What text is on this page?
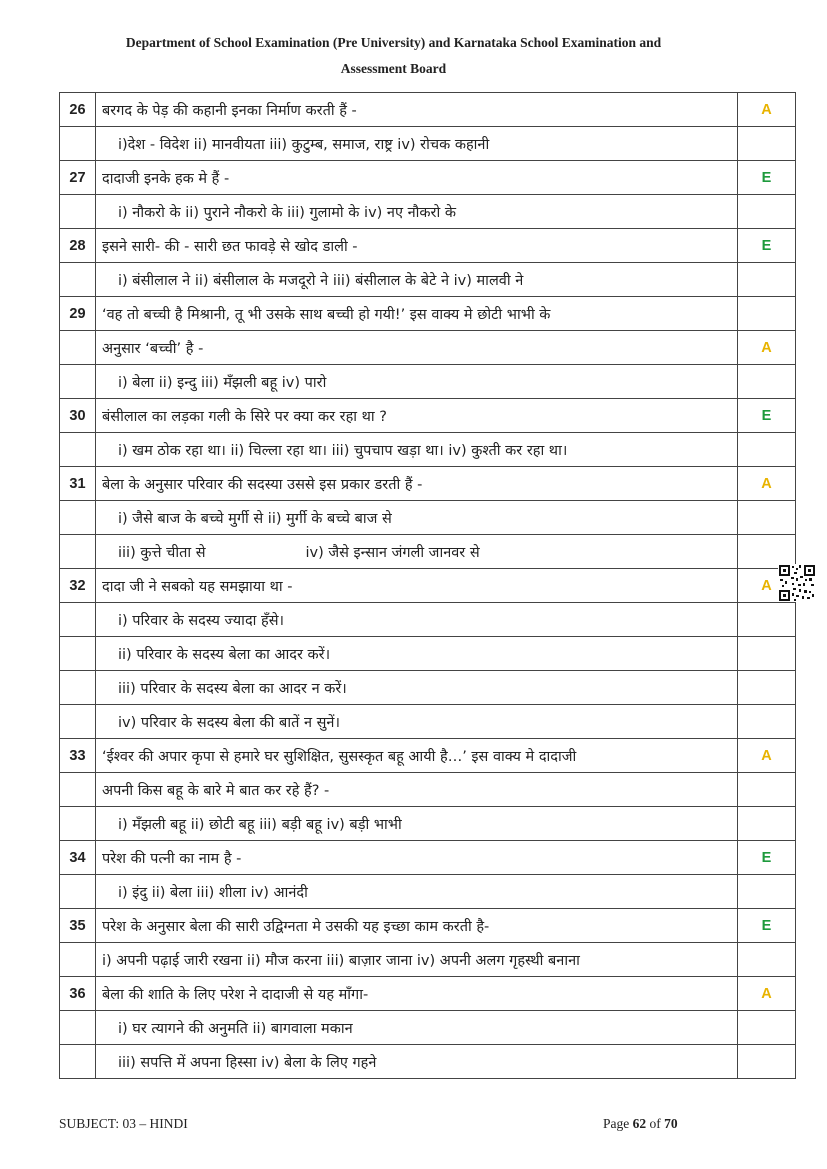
Department of School Examination (Pre University) and Karnataka School Examination and
Assessment Board
26	बरगद के पेड़ की कहानी इनका निर्माण करती हैं -	A
	i)देश - विदेश ii) मानवीयता iii) कुटुम्ब, समाज, राष्ट्र iv) रोचक कहानी	
27	दादाजी इनके हक मे हैं -	E
	i) नौकरो के ii) पुराने नौकरो के iii) गुलामो के iv) नए नौकरो के	
28	इसने सारी- की - सारी छत फावड़े से खोद डाली -	E
	i) बंसीलाल ने ii) बंसीलाल के मजदूरो ने iii) बंसीलाल के बेटे ने iv) मालवी ने	
29	‘वह तो बच्ची है मिश्रानी, तू भी उसके साथ बच्ची हो गयी!’ इस वाक्य मे छोटी भाभी के	
	अनुसार ‘बच्ची’ है -	A
	i) बेला ii) इन्दु iii) मँझली बहू iv) पारो	
30	बंसीलाल का लड़का गली के सिरे पर क्या कर रहा था ?	E
	i) खम ठोक रहा था। ii) चिल्ला रहा था। iii) चुपचाप खड़ा था। iv) कुश्ती कर रहा था।	
31	बेला के अनुसार परिवार की सदस्या उससे इस प्रकार डरती हैं -	A
	i) जैसे बाज के बच्चे मुर्गी से ii) मुर्गी के बच्चे बाज से	
	iii) कुत्ते चीता से iv) जैसे इन्सान जंगली जानवर से	
32	दादा जी ने सबको यह समझाया था -	A
	i) परिवार के सदस्य ज्यादा हँसे।	
	ii) परिवार के सदस्य बेला का आदर करें।	
	iii) परिवार के सदस्य बेला का आदर न करें।	
	iv) परिवार के सदस्य बेला की बातें न सुनें।	
33	‘ईश्वर की अपार कृपा से हमारे घर सुशिक्षित, सुसस्कृत बहू आयी है…’ इस वाक्य मे दादाजी	A
	अपनी किस बहू के बारे मे बात कर रहे हैं? -	
	i) मँझली बहू ii) छोटी बहू iii) बड़ी बहू iv) बड़ी भाभी	
34	परेश की पत्नी का नाम है -	E
	i) इंदु ii) बेला iii) शीला iv) आनंदी	
35	परेश के अनुसार बेला की सारी उद्विग्नता मे उसकी यह इच्छा काम करती है-	E
	i) अपनी पढ़ाई जारी रखना ii) मौज करना iii) बाज़ार जाना iv) अपनी अलग गृहस्थी बनाना	
36	बेला की शाति के लिए परेश ने दादाजी से यह माँगा-	A
	i) घर त्यागने की अनुमति ii) बागवाला मकान	
	iii) सपत्ति में अपना हिस्सा iv) बेला के लिए गहने	
SUBJECT: 03 – HINDI	Page 62 of 70
